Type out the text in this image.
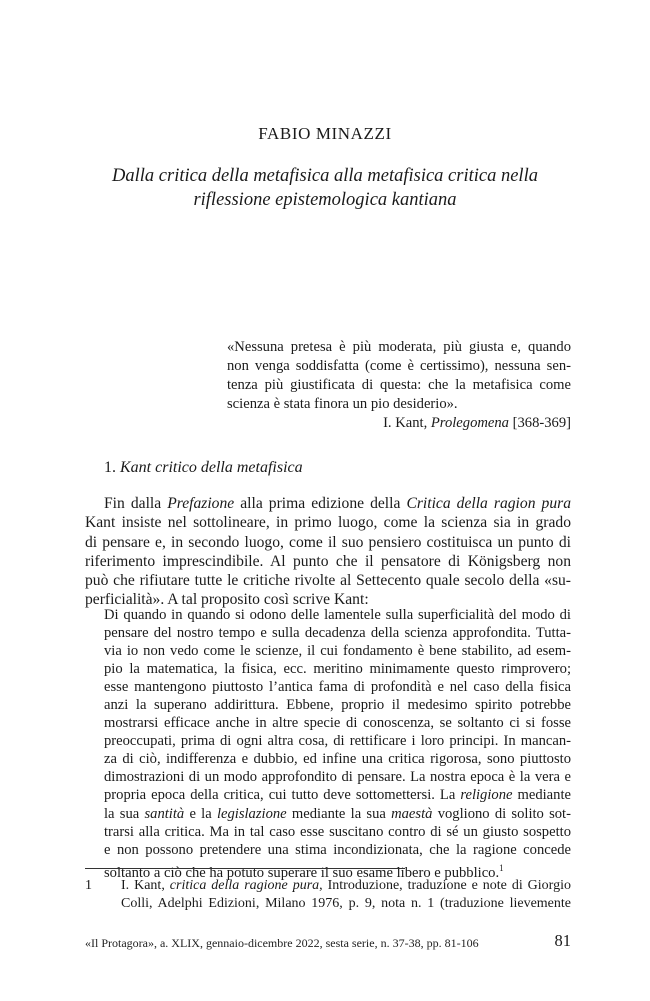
FABIO MINAZZI
Dalla critica della metafisica alla metafisica critica nella
riflessione epistemologica kantiana
«Nessuna pretesa è più moderata, più giusta e, quando
non venga soddisfatta (come è certissimo), nessuna sen-
tenza più giustificata di questa: che la metafisica come
scienza è stata finora un pio desiderio».
I. Kant, Prolegomena [368-369]
1. Kant critico della metafisica
Fin dalla Prefazione alla prima edizione della Critica della ragion pura
Kant insiste nel sottolineare, in primo luogo, come la scienza sia in grado
di pensare e, in secondo luogo, come il suo pensiero costituisca un punto di
riferimento imprescindibile. Al punto che il pensatore di Königsberg non
può che rifiutare tutte le critiche rivolte al Settecento quale secolo della «su-
perficialità». A tal proposito così scrive Kant:
Di quando in quando si odono delle lamentele sulla superficialità del modo di
pensare del nostro tempo e sulla decadenza della scienza approfondita. Tutta-
via io non vedo come le scienze, il cui fondamento è bene stabilito, ad esem-
pio la matematica, la fisica, ecc. meritino minimamente questo rimprovero;
esse mantengono piuttosto l’antica fama di profondità e nel caso della fisica
anzi la superano addirittura. Ebbene, proprio il medesimo spirito potrebbe
mostrarsi efficace anche in altre specie di conoscenza, se soltanto ci si fosse
preoccupati, prima di ogni altra cosa, di rettificare i loro principi. In mancan-
za di ciò, indifferenza e dubbio, ed infine una critica rigorosa, sono piuttosto
dimostrazioni di un modo approfondito di pensare. La nostra epoca è la vera e
propria epoca della critica, cui tutto deve sottomettersi. La religione mediante
la sua santità e la legislazione mediante la sua maestà vogliono di solito sot-
trarsi alla critica. Ma in tal caso esse suscitano contro di sé un giusto sospetto
e non possono pretendere una stima incondizionata, che la ragione concede
soltanto a ciò che ha potuto superare il suo esame libero e pubblico.$^1$
1 I. Kant, critica della ragione pura, Introduzione, traduzione e note di Giorgio
Colli, Adelphi Edizioni, Milano 1976, p. 9, nota n. 1 (traduzione lievemente
«Il Protagora», a. XLIX, gennaio-dicembre 2022, sesta serie, n. 37-38, pp. 81-106	81
